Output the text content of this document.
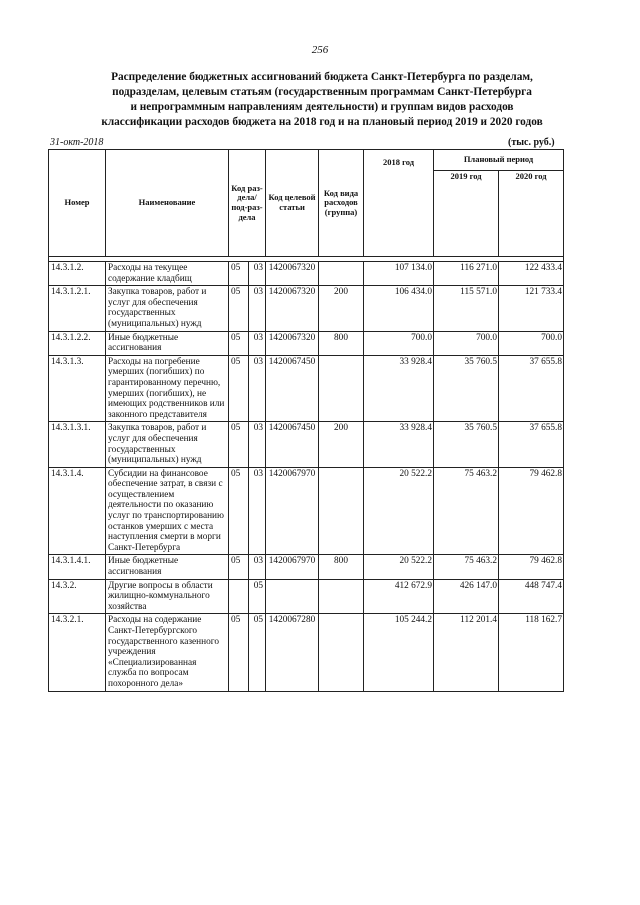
256
Распределение бюджетных ассигнований бюджета Санкт-Петербурга по разделам,
подразделам, целевым статьям (государственным программам Санкт-Петербурга
и непрограммным направлениям деятельности) и группам видов расходов
классификации расходов бюджета на 2018 год и на плановый период 2019 и 2020 годов
31-окт-2018	(тыс. руб.)
Номер	Наименование	Код раз-дела/ под-раз-дела		Код целевой статьи	Код вида расходов (группа)	2018 год	Плановый период	
							2019 год	2020 год

14.3.1.2.	Расходы на текущее содержание кладбищ	05	03	1420067320		107 134.0	116 271.0	122 433.4
14.3.1.2.1.	Закупка товаров, работ и услуг для обеспечения государственных (муниципальных) нужд	05	03	1420067320	200	106 434.0	115 571.0	121 733.4
14.3.1.2.2.	Иные бюджетные ассигнования	05	03	1420067320	800	700.0	700.0	700.0
14.3.1.3.	Расходы на погребение умерших (погибших) по гарантированному перечню, умерших (погибших), не имеющих родственников или законного представителя	05	03	1420067450		33 928.4	35 760.5	37 655.8
14.3.1.3.1.	Закупка товаров, работ и услуг для обеспечения государственных (муниципальных) нужд	05	03	1420067450	200	33 928.4	35 760.5	37 655.8
14.3.1.4.	Субсидии на финансовое обеспечение затрат, в связи с осуществлением деятельности по оказанию услуг по транспортированию останков умерших с места наступления смерти в морги Санкт-Петербурга	05	03	1420067970		20 522.2	75 463.2	79 462.8
14.3.1.4.1.	Иные бюджетные ассигнования	05	03	1420067970	800	20 522.2	75 463.2	79 462.8
14.3.2.	Другие вопросы в области жилищно-коммунального хозяйства		05			412 672.9	426 147.0	448 747.4
14.3.2.1.	Расходы на содержание Санкт-Петербургского государственного казенного учреждения «Специализированная служба по вопросам похоронного дела»	05	05	1420067280		105 244.2	112 201.4	118 162.7
